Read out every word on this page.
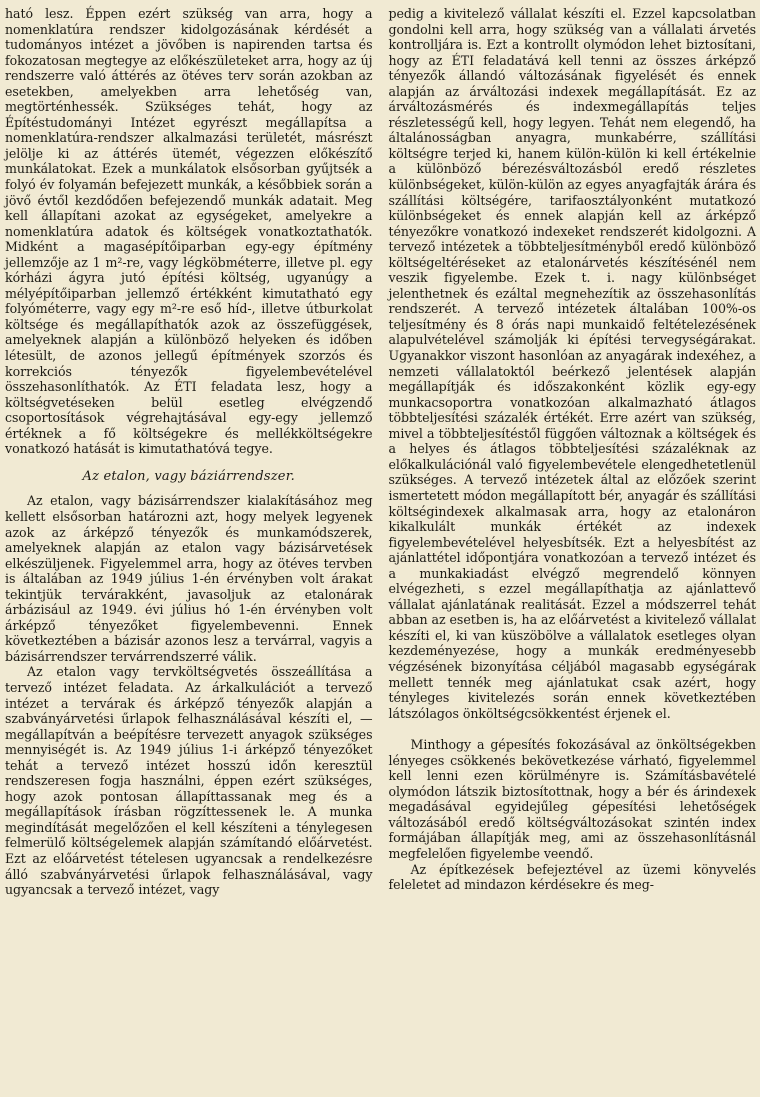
ható lesz. Éppen ezért szükség van arra, hogy a nomenklatúra rendszer kidolgozásának kérdését a tudományos intézet a jövőben is napirenden tartsa és fokozatosan megtegye az előkészületeket arra, hogy az új rendszerre való áttérés az ötéves terv során azokban az esetekben, amelyekben arra lehetőség van, megtörténhessék. Szükséges tehát, hogy az Építéstudományi Intézet egyrészt megállapítsa a nomenklatúra-rendszer alkalmazási területét, másrészt jelölje ki az áttérés ütemét, végezzen előkészítő munkálatokat. Ezek a munkálatok elsősorban gyűjtsék a folyó év folyamán befejezett munkák, a későbbiek során a jövő évtől kezdődően befejezendő munkák adatait. Meg kell állapítani azokat az egységeket, amelyekre a nomenklatúra adatok és költségek vonatkoztathatók. Midként a magasépítőiparban egy-egy építmény jellemzője az 1 m²-re, vagy légköbméterre, illetve pl. egy kórházi ágyra jutó építési költség, ugyanúgy a mélyépítőiparban jellemző értékként kimutatható egy folyóméterre, vagy egy m²-re eső híd-, illetve útburkolat költsége és megállapíthatók azok az összefüggések, amelyeknek alapján a különböző helyeken és időben létesült, de azonos jellegű építmények szorzós és korrekciós tényezők figyelembevételével összehasonlíthatók. Az ÉTI feladata lesz, hogy a költségvetéseken belül esetleg elvégzendő csoportosítások végrehajtásával egy-egy jellemző értéknek a fő költségekre és mellékköltségekre vonatkozó hatását is kimutathatóvá tegye.

Az etalon, vagy báziárrendszer.

Az etalon, vagy bázisárrendszer kialakításához meg kellett elsősorban határozni azt, hogy melyek legyenek azok az árképző tényezők és munkamódszerek, amelyeknek alapján az etalon vagy bázisárvetések elkészüljenek. Figyelemmel arra, hogy az ötéves tervben is általában az 1949 július 1-én érvényben volt árakat tekintjük tervárakként, javasoljuk az etalonárak árbázisául az 1949. évi július hó 1-én érvényben volt árképző tényezőket figyelembevenni. Ennek következtében a bázisár azonos lesz a tervárral, vagyis a bázisárrendszer tervárrendszerré válik.

Az etalon vagy tervköltségvetés összeállítása a tervező intézet feladata. Az árkalkulációt a tervező intézet a tervárak és árképző tényezők alapján a szabványárvetési űrlapok felhasználásával készíti el, — megállapítván a beépítésre tervezett anyagok szükséges mennyiségét is. Az 1949 július 1-i árképző tényezőket tehát a tervező intézet hosszú időn keresztül rendszeresen fogja használni, éppen ezért szükséges, hogy azok pontosan állapíttassanak meg és a megállapítások írásban rögzíttessenek le. A munka megindítását megelőzően el kell készíteni a ténylegesen felmerülő költségelemek alapján számítandó előárvetést. Ezt az előárvetést tételesen ugyancsak a rendelkezésre álló szabványárvetési űrlapok felhasználásával, vagy ugyancsak a tervező intézet, vagy

pedig a kivitelező vállalat készíti el. Ezzel kapcsolatban gondolni kell arra, hogy szükség van a vállalati árvetés kontrolljára is. Ezt a kontrollt olymódon lehet biztosítani, hogy az ÉTI feladatává kell tenni az összes árképző tényezők állandó változásának figyelését és ennek alapján az árváltozási indexek megállapítását. Ez az árváltozásmérés és indexmegállapítás teljes részletességű kell, hogy legyen. Tehát nem elegendő, ha általánosságban anyagra, munkabérre, szállítási költségre terjed ki, hanem külön-külön ki kell értékelnie a különböző bérezésváltozásból eredő részletes különbségeket, külön-külön az egyes anyagfajták árára és szállítási költségére, tarifaosztályonként mutatkozó különbségeket és ennek alapján kell az árképző tényezőkre vonatkozó indexeket rendszerét kidolgozni. A tervező intézetek a többteljesítményből eredő különböző költségeltéréseket az etalonárvetés készítésénél nem veszik figyelembe. Ezek t. i. nagy különbséget jelenthetnek és ezáltal megnehezítik az összehasonlítás rendszerét. A tervező intézetek általában 100%-os teljesítmény és 8 órás napi munkaidő feltételezésének alapulvételével számolják ki építési tervegységárakat. Ugyanakkor viszont hasonlóan az anyagárak indexéhez, a nemzeti vállalatoktól beérkező jelentések alapján megállapítják és időszakonként közlik egy-egy munkacsoportra vonatkozóan alkalmazható átlagos többteljesítési százalék értékét. Erre azért van szükség, mivel a többteljesítéstől függően változnak a költségek és a helyes és átlagos többteljesítési százaléknak az előkalkulációnál való figyelembevétele elengedhetetlenül szükséges. A tervező intézetek által az előzőek szerint ismertetett módon megállapított bér, anyagár és szállítási költségindexek alkalmasak arra, hogy az etalonáron kikalkulált munkák értékét az indexek figyelembevételével helyesbítsék. Ezt a helyesbítést az ajánlattétel időpontjára vonatkozóan a tervező intézet és a munkakiadást elvégző megrendelő könnyen elvégezheti, s ezzel megállapíthatja az ajánlattevő vállalat ajánlatának realitását. Ezzel a módszerrel tehát abban az esetben is, ha az előárvetést a kivitelező vállalat készíti el, ki van küszöbölve a vállalatok esetleges olyan kezdeményezése, hogy a munkák eredményesebb végzésének bizonyítása céljából magasabb egységárak mellett tennék meg ajánlatukat csak azért, hogy tényleges kivitelezés során ennek következtében látszólagos önköltségcsökkentést érjenek el.

Minthogy a gépesítés fokozásával az önköltségekben lényeges csökkenés bekövetkezése várható, figyelemmel kell lenni ezen körülményre is. Számításbavételé olymódon látszik biztosítottnak, hogy a bér és árindexek megadásával egyidejűleg gépesítési lehetőségek változásából eredő költségváltozásokat szintén index formájában állapítják meg, ami az összehasonlításnál megfelelően figyelembe veendő.

Az építkezések befejeztével az üzemi könyvelés feleletet ad mindazon kérdésekre és meg-
